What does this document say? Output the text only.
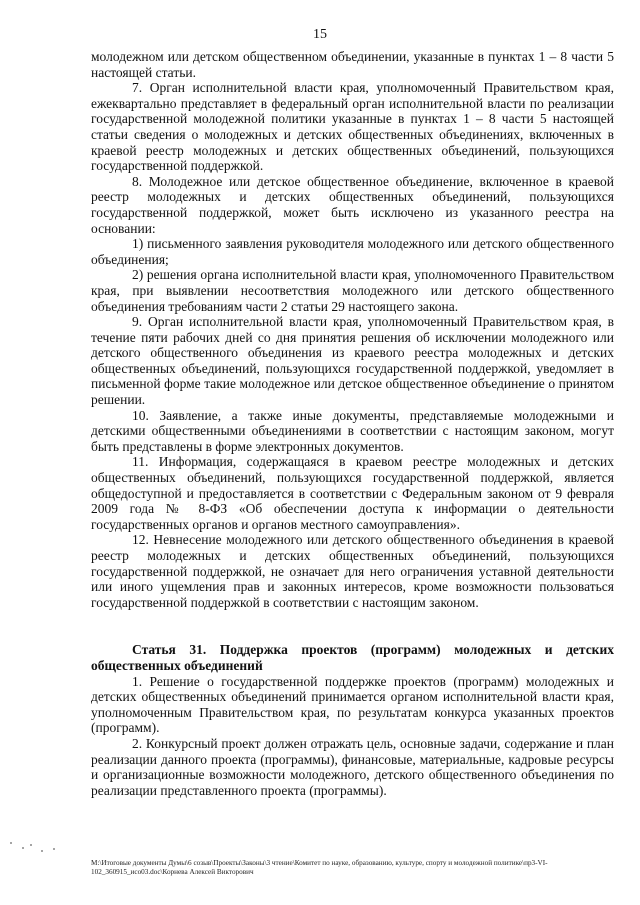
15

молодежном или детском общественном объединении, указанные в пунктах 1 – 8 части 5 настоящей статьи.

7. Орган исполнительной власти края, уполномоченный Правительством края, ежеквартально представляет в федеральный орган исполнительной власти по реализации государственной молодежной политики указанные в пунктах 1 – 8 части 5 настоящей статьи сведения о молодежных и детских общественных объединениях, включенных в краевой реестр молодежных и детских общественных объединений, пользующихся государственной поддержкой.

8. Молодежное или детское общественное объединение, включенное в краевой реестр молодежных и детских общественных объединений, пользующихся государственной поддержкой, может быть исключено из указанного реестра на основании:

1) письменного заявления руководителя молодежного или детского общественного объединения;

2) решения органа исполнительной власти края, уполномоченного Правительством края, при выявлении несоответствия молодежного или детского общественного объединения требованиям части 2 статьи 29 настоящего закона.

9. Орган исполнительной власти края, уполномоченный Правительством края, в течение пяти рабочих дней со дня принятия решения об исключении молодежного или детского общественного объединения из краевого реестра молодежных и детских общественных объединений, пользующихся государственной поддержкой, уведомляет в письменной форме такие молодежное или детское общественное объединение о принятом решении.

10. Заявление, а также иные документы, представляемые молодежными и детскими общественными объединениями в соответствии с настоящим законом, могут быть представлены в форме электронных документов.

11. Информация, содержащаяся в краевом реестре молодежных и детских общественных объединений, пользующихся государственной поддержкой, является общедоступной и предоставляется в соответствии с Федеральным законом от 9 февраля 2009 года № 8-ФЗ «Об обеспечении доступа к информации о деятельности государственных органов и органов местного самоуправления».

12. Невнесение молодежного или детского общественного объединения в краевой реестр молодежных и детских общественных объединений, пользующихся государственной поддержкой, не означает для него ограничения уставной деятельности или иного ущемления прав и законных интересов, кроме возможности пользоваться государственной поддержкой в соответствии с настоящим законом.

Статья 31. Поддержка проектов (программ) молодежных и детских общественных объединений

1. Решение о государственной поддержке проектов (программ) молодежных и детских общественных объединений принимается органом исполнительной власти края, уполномоченным Правительством края, по результатам конкурса указанных проектов (программ).

2. Конкурсный проект должен отражать цель, основные задачи, содержание и план реализации данного проекта (программы), финансовые, материальные, кадровые ресурсы и организационные возможности молодежного, детского общественного объединения по реализации представленного проекта (программы).

М:\Итоговые документы Думы\6 созыв\Проекты\Законы\3 чтение\Комитет по науке, образованию, культуре, спорту и молодежной политике\пр3-VI-102_360915_исо03.doc\Корнева Алексей Викторович
